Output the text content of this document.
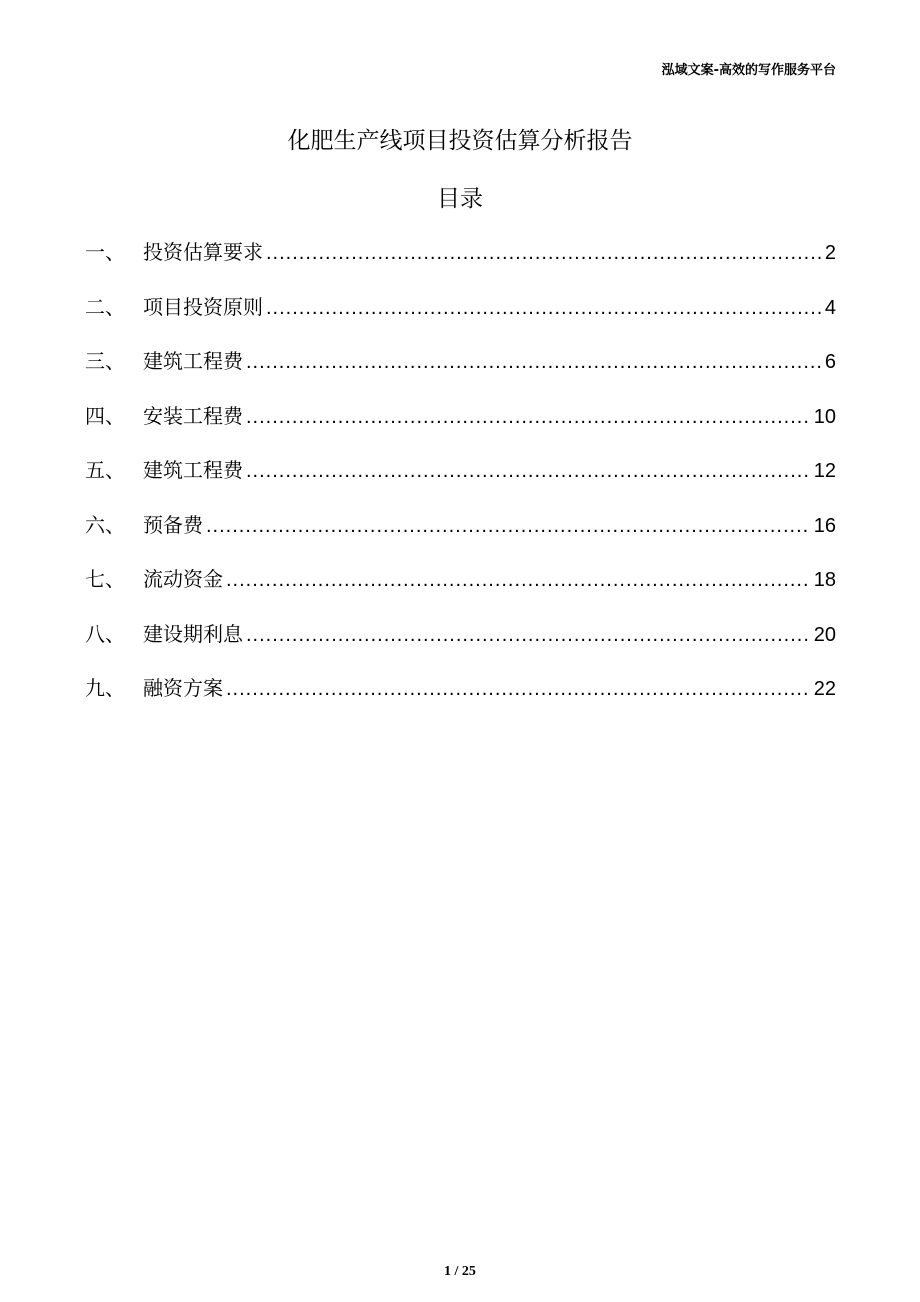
泓域文案-高效的写作服务平台
化肥生产线项目投资估算分析报告
目录
一、 投资估算要求 .....	2
二、 项目投资原则 .....	4
三、 建筑工程费 .....	6
四、 安装工程费 .....	10
五、 建筑工程费 .....	12
六、 预备费 .....	16
七、 流动资金 .....	18
八、 建设期利息 .....	20
九、 融资方案 .....	22
1 / 25
